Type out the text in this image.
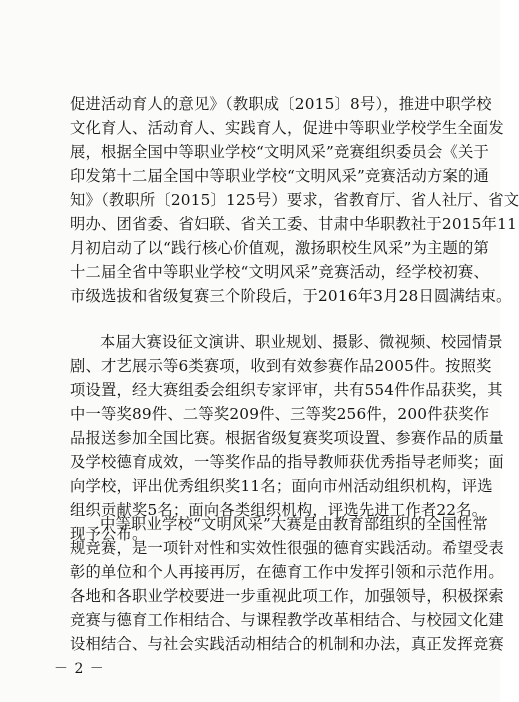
促进活动育人的意见》（教职成〔2015〕8号），推进中职学校
文化育人、活动育人、实践育人，促进中等职业学校学生全面发
展，根据全国中等职业学校“文明风采”竞赛组织委员会《关于
印发第十二届全国中等职业学校“文明风采”竞赛活动方案的通
知》（教职所〔2015〕125号）要求，省教育厅、省人社厅、省文
明办、团省委、省妇联、省关工委、甘肃中华职教社于2015年11
月初启动了以“践行核心价值观，激扬职校生风采”为主题的第
十二届全省中等职业学校“文明风采”竞赛活动，经学校初赛、
市级选拔和省级复赛三个阶段后，于2016年3月28日圆满结束。
本届大赛设征文演讲、职业规划、摄影、微视频、校园情景
剧、才艺展示等6类赛项，收到有效参赛作品2005件。按照奖
项设置，经大赛组委会组织专家评审，共有554件作品获奖，其
中一等奖89件、二等奖209件、三等奖256件，200件获奖作
品报送参加全国比赛。根据省级复赛奖项设置、参赛作品的质量
及学校德育成效，一等奖作品的指导教师获优秀指导老师奖；面
向学校，评出优秀组织奖11名；面向市州活动组织机构，评选
组织贡献奖5名；面向各类组织机构，评选先进工作者22名。
现予公布。
中等职业学校“文明风采”大赛是由教育部组织的全国性常
规竞赛，是一项针对性和实效性很强的德育实践活动。希望受表
彰的单位和个人再接再厉，在德育工作中发挥引领和示范作用。
各地和各职业学校要进一步重视此项工作，加强领导，积极探索
竞赛与德育工作相结合、与课程教学改革相结合、与校园文化建
设相结合、与社会实践活动相结合的机制和办法，真正发挥竞赛
－ 2 －
